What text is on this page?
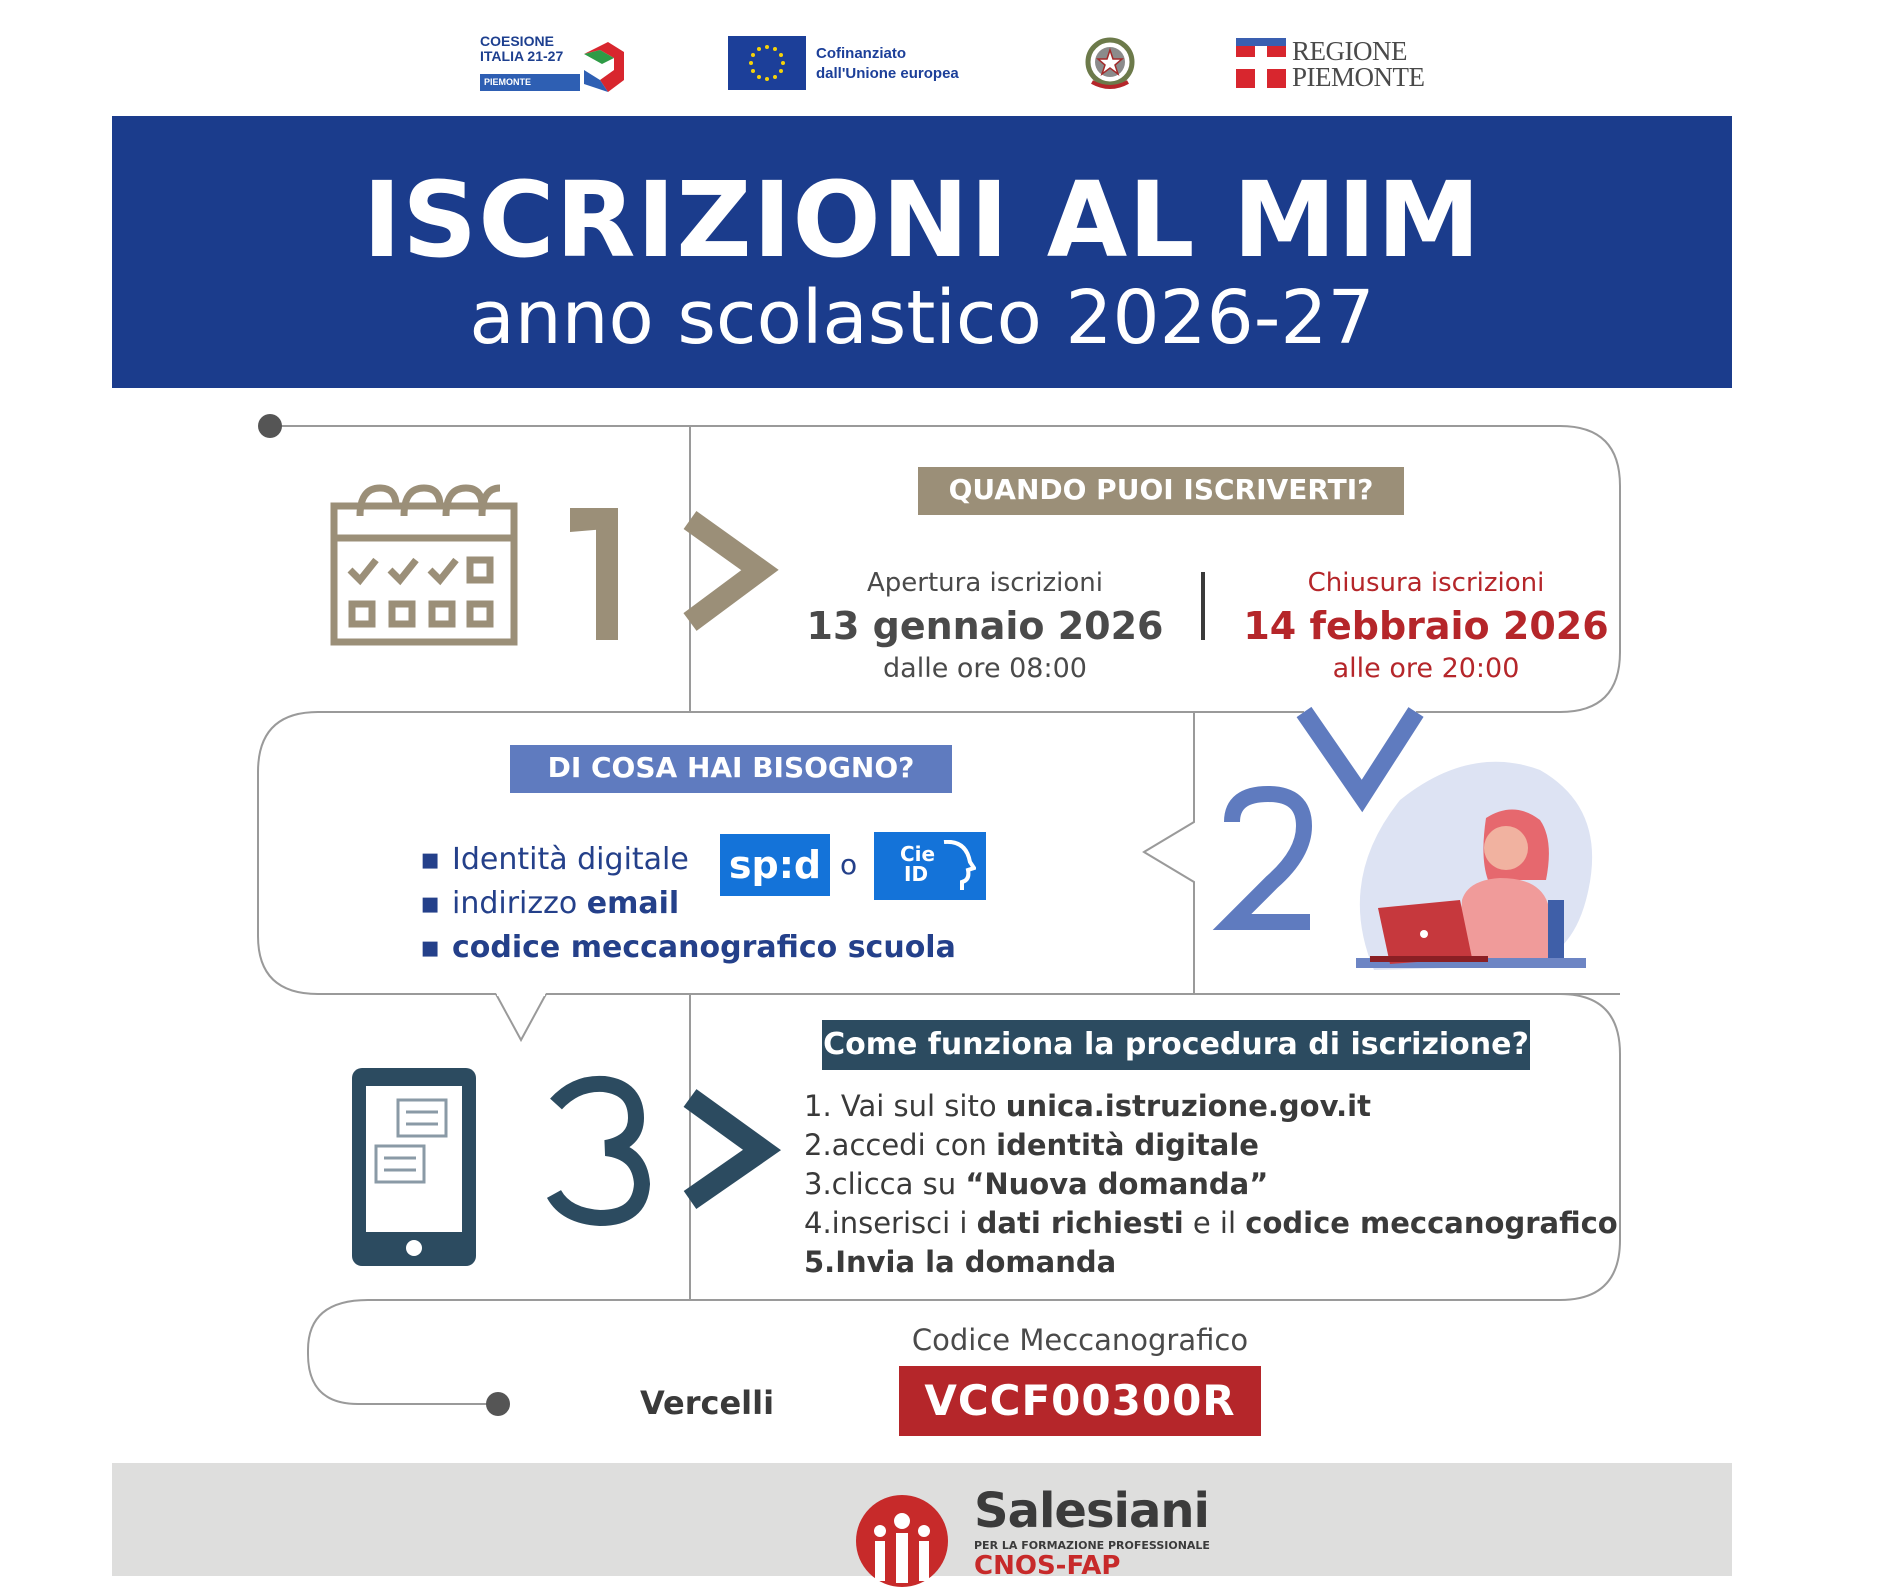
COESIONE
ITALIA 21-27
PIEMONTE
Cofinanziato
dall'Unione europea
REGIONE
PIEMONTE
ISCRIZIONI AL MIM
anno scolastico 2026-27
QUANDO PUOI ISCRIVERTI?
Apertura iscrizioni
13 gennaio 2026
dalle ore 08:00
Chiusura iscrizioni
14 febbraio 2026
alle ore 20:00
DI COSA HAI BISOGNO?
▪ Identità digitale
▪ indirizzo email
▪ codice meccanografico scuola
sp:d o Cie
ID
Come funziona la procedura di iscrizione?
1. Vai sul sito unica.istruzione.gov.it
2.accedi con identità digitale
3.clicca su “Nuova domanda”
4.inserisci i dati richiesti e il codice meccanografico
5.Invia la domanda
Codice Meccanografico
Vercelli	VCCF00300R
Salesiani
PER LA FORMAZIONE PROFESSIONALE
CNOS-FAP
